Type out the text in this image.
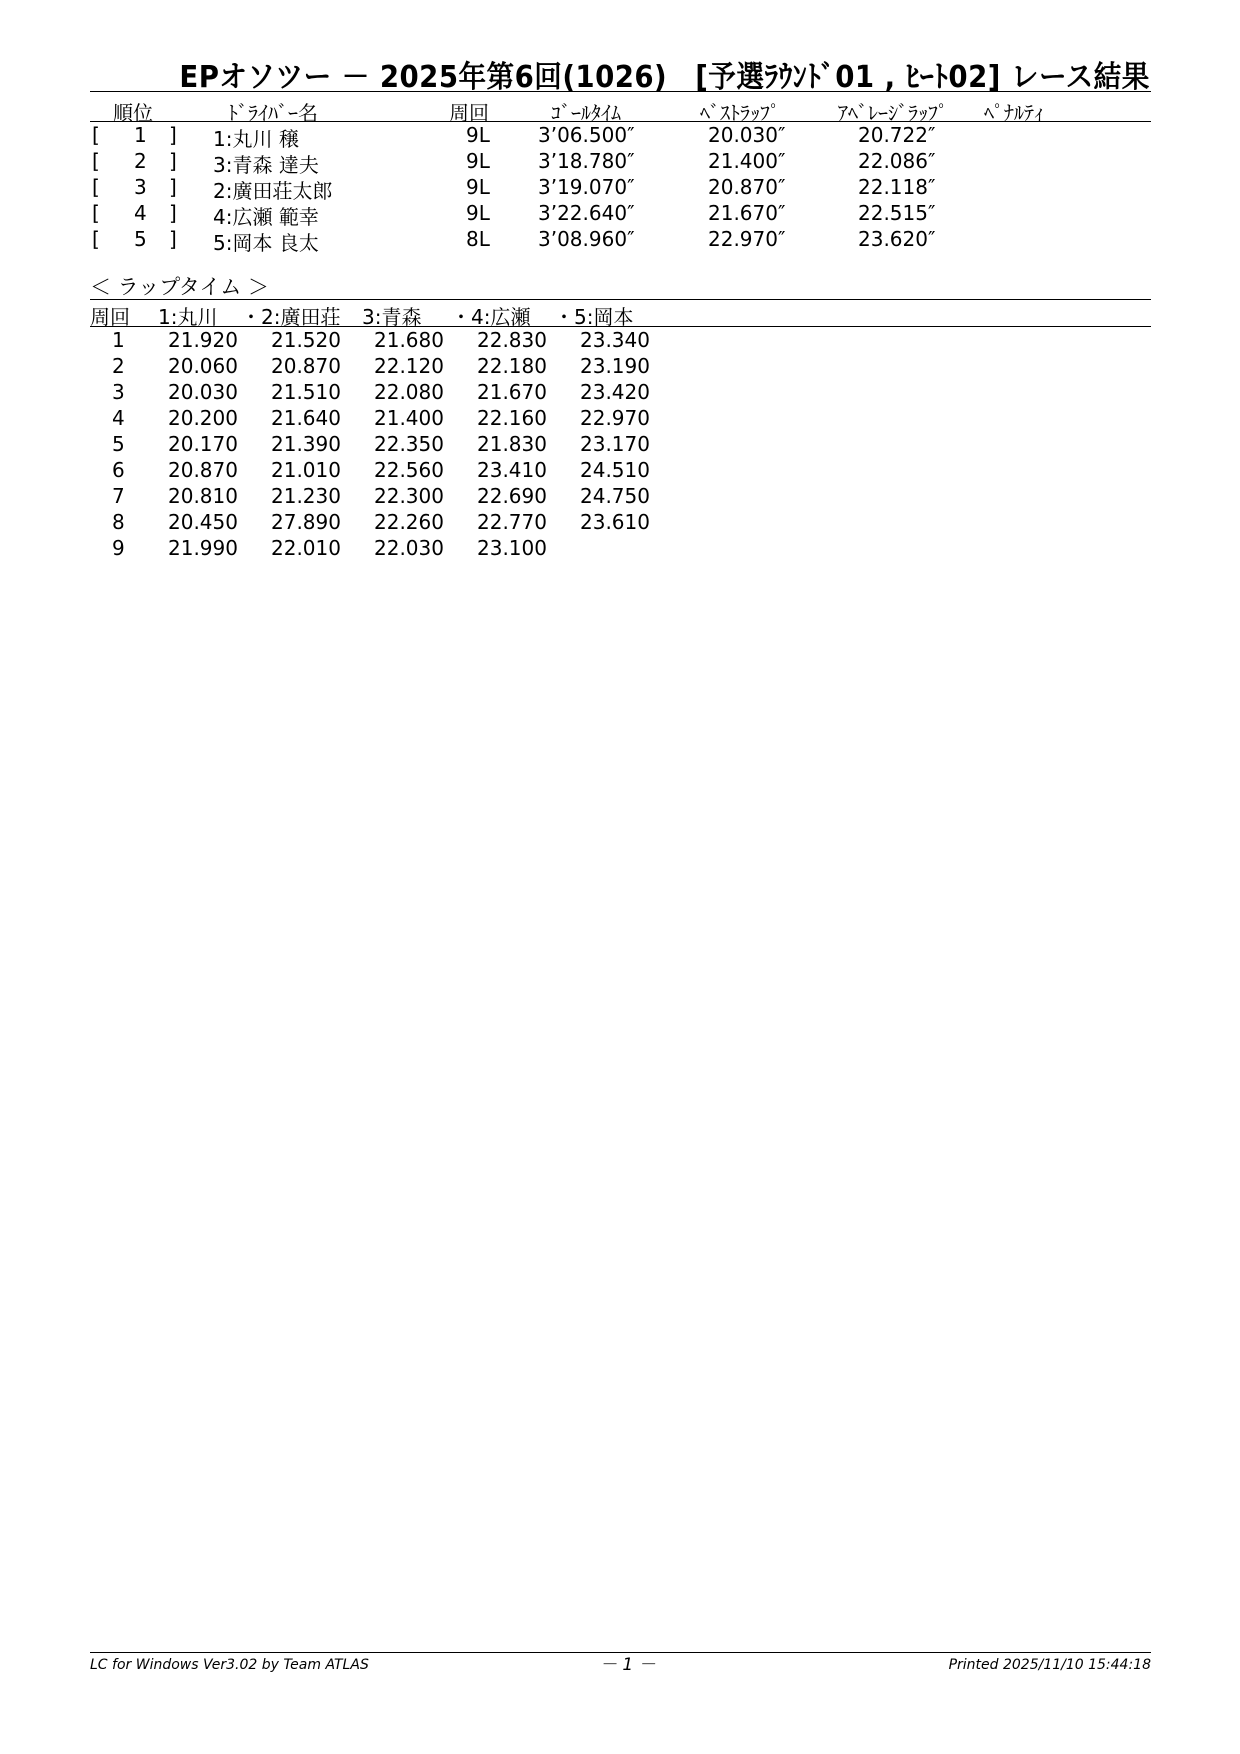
EPオソツー － 2025年第6回(1026)　[予選ﾗｳﾝﾄﾞ01 , ﾋｰﾄ02] レース結果
順位	ﾄﾞﾗｲﾊﾞｰ名	周回	ｺﾞｰﾙﾀｲﾑ	ﾍﾞｽﾄﾗｯﾌﾟ	ｱﾍﾞﾚｰｼﾞﾗｯﾌﾟ ﾍﾟﾅﾙﾃｨ
[ 1 ] 1:丸川 穣	9L 3’06.500″	20.030″	20.722″
[ 2 ] 3:青森 達夫	9L 3’18.780″	21.400″	22.086″
[ 3 ] 2:廣田荘太郎	9L 3’19.070″	20.870″	22.118″
[ 4 ] 4:広瀬 範幸	9L 3’22.640″	21.670″	22.515″
[ 5 ] 5:岡本 良太	8L 3’08.960″	22.970″	23.620″
＜ ラップタイム ＞
周回 1:丸川 ・2:廣田荘 3:青森 ・4:広瀬 ・5:岡本
1 21.920 21.520 21.680 22.830 23.340
2 20.060 20.870 22.120 22.180 23.190
3 20.030 21.510 22.080 21.670 23.420
4 20.200 21.640 21.400 22.160 22.970
5 20.170 21.390 22.350 21.830 23.170
6 20.870 21.010 22.560 23.410 24.510
7 20.810 21.230 22.300 22.690 24.750
8 20.450 27.890 22.260 22.770 23.610
9 21.990 22.010 22.030 23.100
LC for Windows Ver3.02 by Team ATLAS	－ 1 －	Printed 2025/11/10 15:44:18
